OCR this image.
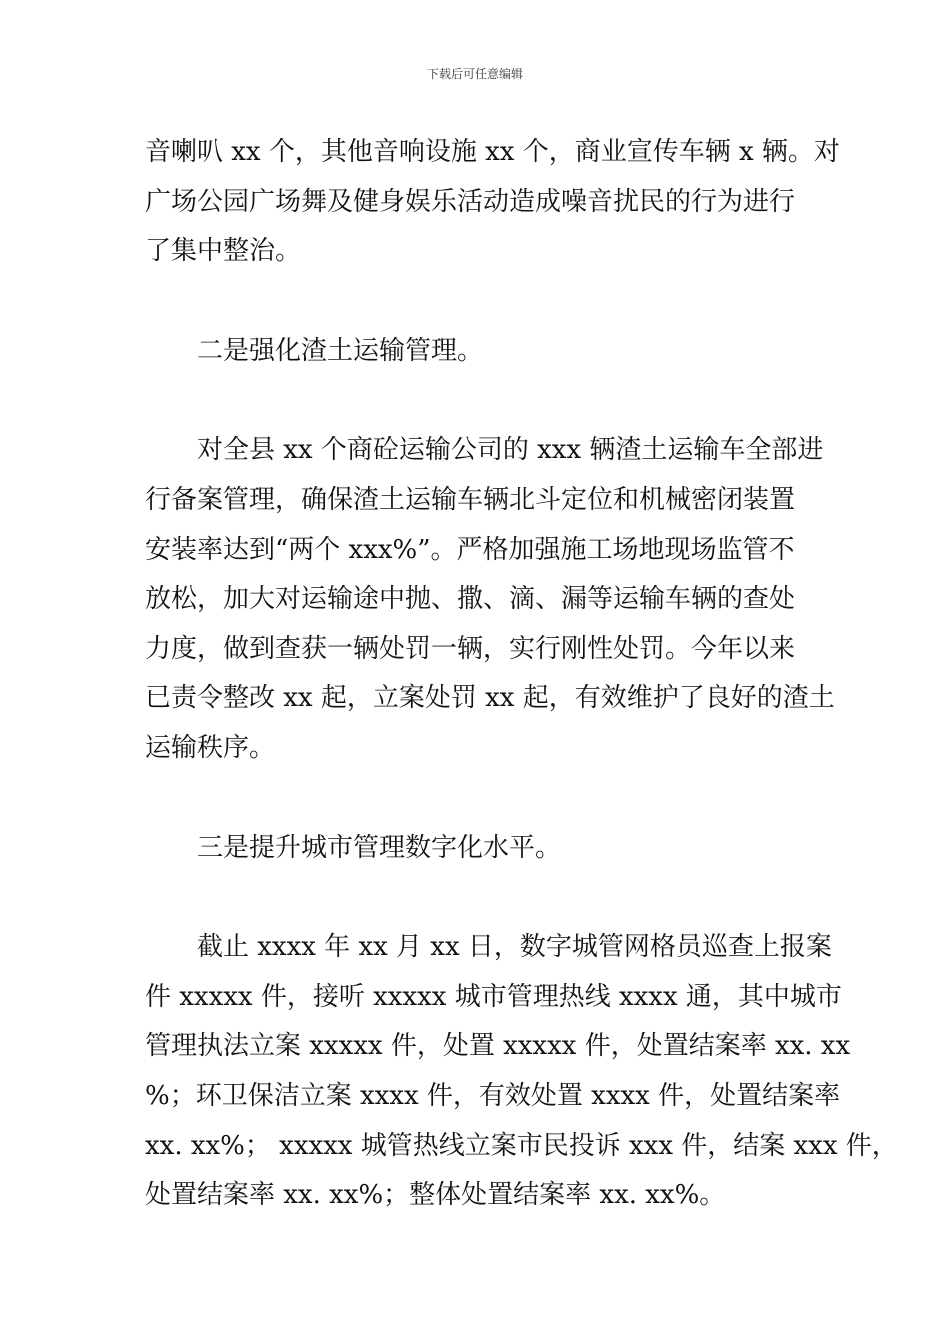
下载后可任意编辑

音喇叭 xx 个，其他音响设施 xx 个，商业宣传车辆 x 辆。对
广场公园广场舞及健身娱乐活动造成噪音扰民的行为进行
了集中整治。

二是强化渣土运输管理。

对全县 xx 个商砼运输公司的 xxx 辆渣土运输车全部进
行备案管理，确保渣土运输车辆北斗定位和机械密闭装置
安装率达到“两个 xxx%”。严格加强施工场地现场监管不
放松，加大对运输途中抛、撒、滴、漏等运输车辆的查处
力度，做到查获一辆处罚一辆，实行刚性处罚。今年以来
已责令整改 xx 起，立案处罚 xx 起，有效维护了良好的渣土
运输秩序。

三是提升城市管理数字化水平。

截止 xxxx 年 xx 月 xx 日，数字城管网格员巡查上报案
件 xxxxx 件，接听 xxxxx 城市管理热线 xxxx 通，其中城市
管理执法立案 xxxxx 件，处置 xxxxx 件，处置结案率 xx. xx
%；环卫保洁立案 xxxx 件，有效处置 xxxx 件，处置结案率
xx. xx%； xxxxx 城管热线立案市民投诉 xxx 件，结案 xxx 件，
处置结案率 xx. xx%；整体处置结案率 xx. xx%。
